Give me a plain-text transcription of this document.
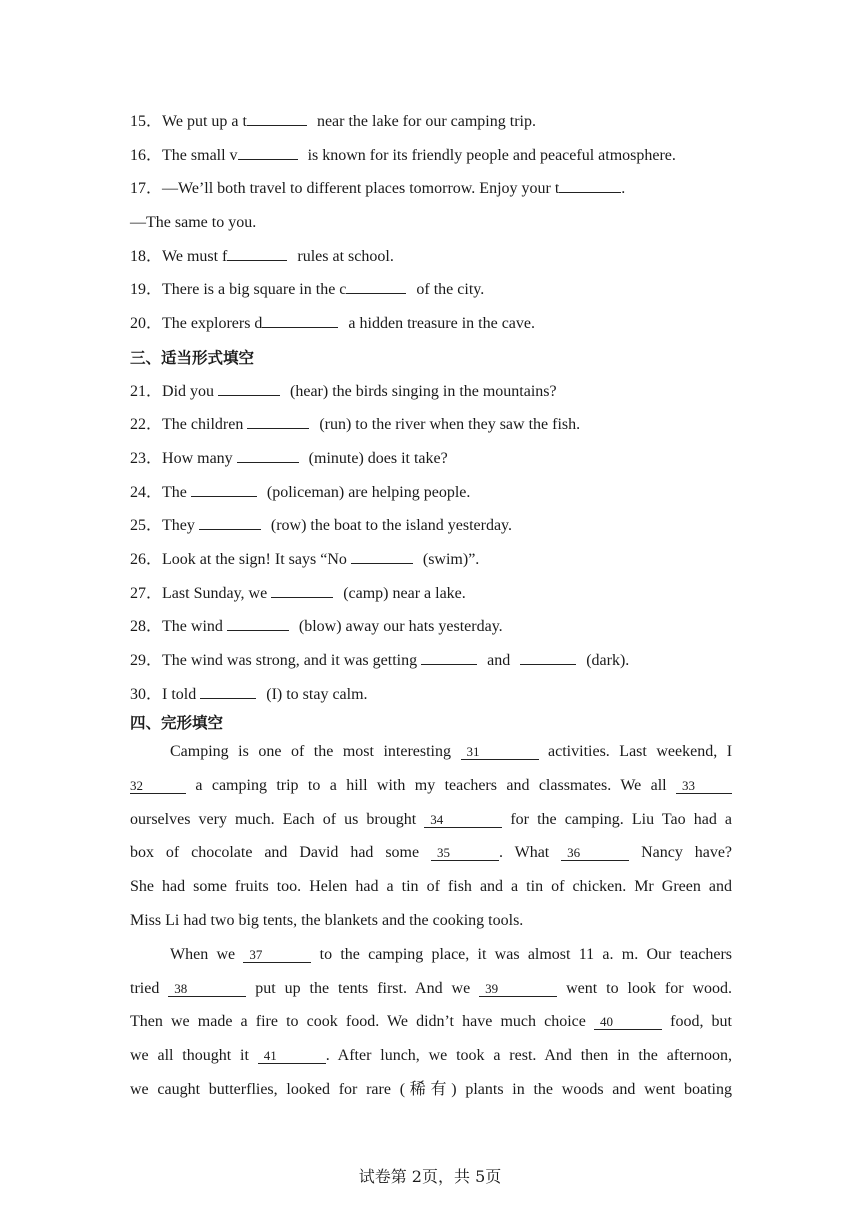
15．We put up a t	near the lake for our camping trip.
16．The small v	is known for its friendly people and peaceful atmosphere.
17．—We’ll both travel to different places tomorrow. Enjoy your t	.
—The same to you.
18．We must f	rules at school.
19．There is a big square in the c	of the city.
20．The explorers d	a hidden treasure in the cave.
三、适当形式填空
21．Did you	(hear) the birds singing in the mountains?
22．The children	(run) to the river when they saw the fish.
23．How many	(minute) does it take?
24．The	(policeman) are helping people.
25．They	(row) the boat to the island yesterday.
26．Look at the sign! It says “No	(swim)”.
27．Last Sunday, we	(camp) near a lake.
28．The wind	(blow) away our hats yesterday.
29．The wind was strong, and it was getting	and	(dark).
30．I told	(I) to stay calm.
四、完形填空
Camping is one of the most interesting 31	activities. Last weekend, I
32	a camping trip to a hill with my teachers and classmates. We all 33
ourselves very much. Each of us brought 34	for the camping. Liu Tao had a
box of chocolate and David had some 35	. What 36	Nancy have?
She had some fruits too. Helen had a tin of fish and a tin of chicken. Mr Green and
Miss Li had two big tents, the blankets and the cooking tools.
When we 37	to the camping place, it was almost 11 a. m. Our teachers
tried 38	put up the tents first. And we 39	went to look for wood.
Then we made a fire to cook food. We didn’t have much choice 40	food, but
we all thought it 41	. After lunch, we took a rest. And then in the afternoon,
we caught butterflies, looked for rare (稀有) plants in the woods and went boating
试卷第 2页，共 5页
